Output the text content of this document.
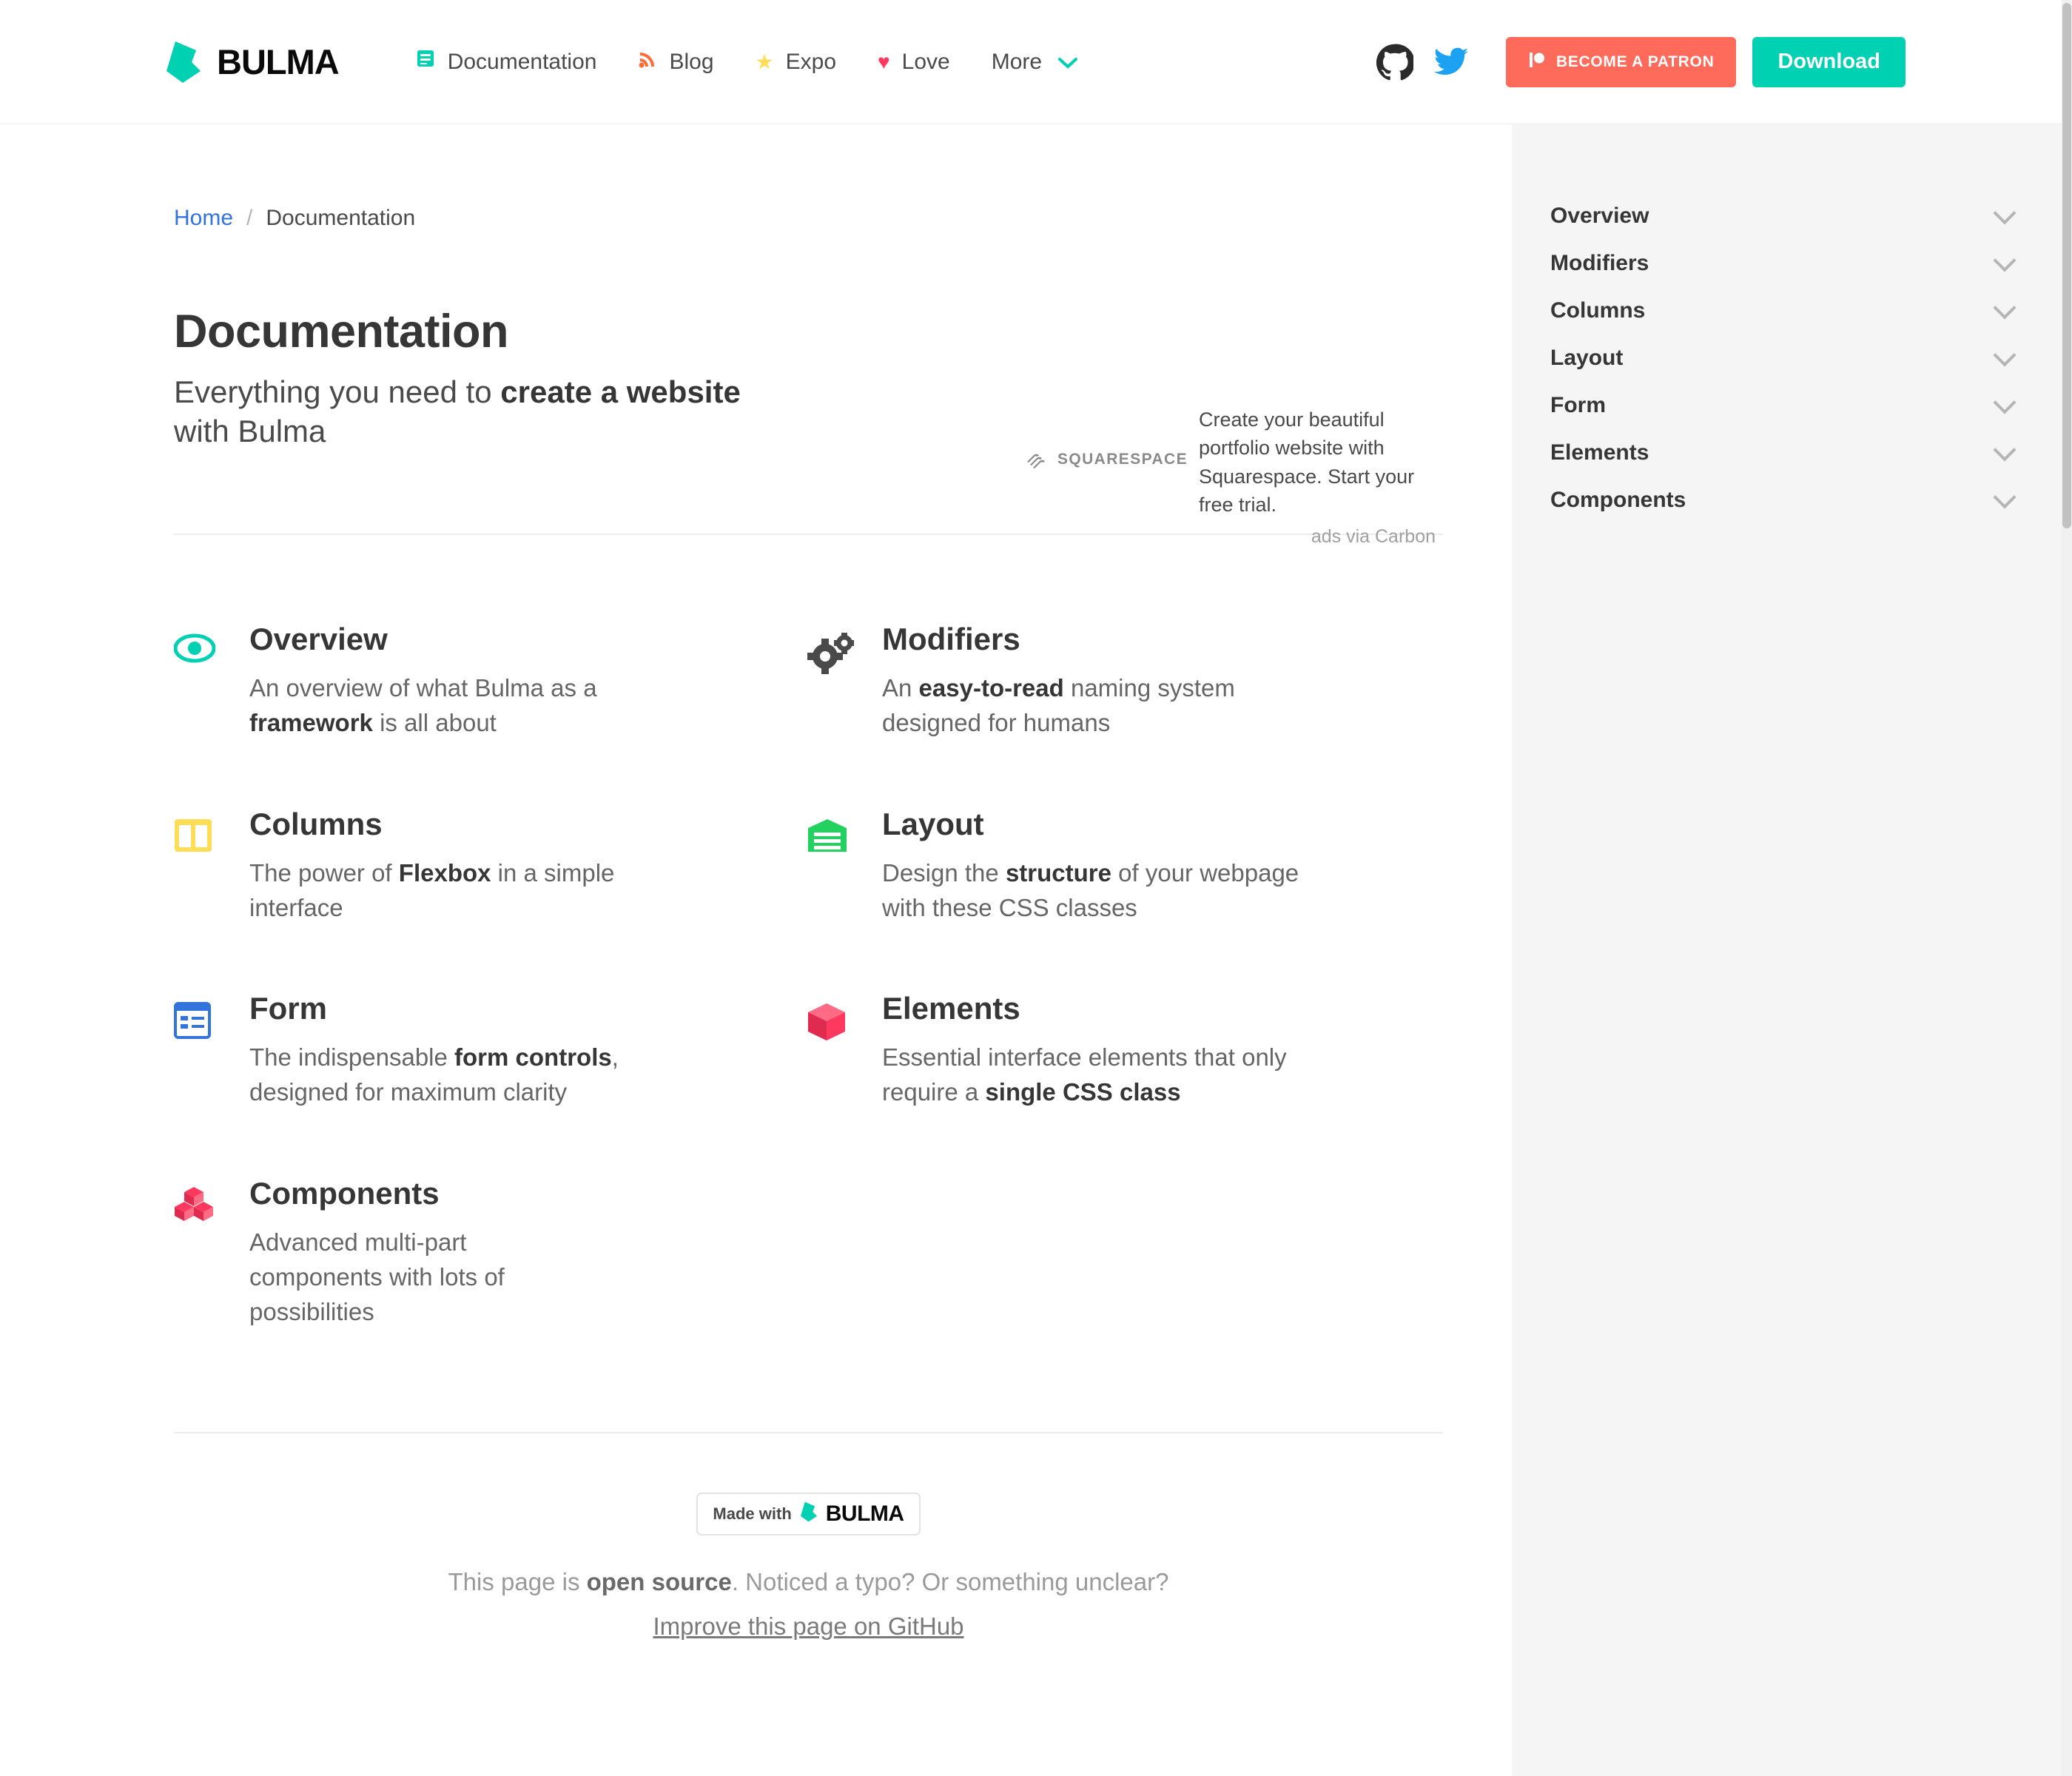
BULMA	Documentation	Blog ★ Expo ♥ Love More	BECOME A PATRON	Download
Overview
Modifiers
Columns
Layout
Form
Elements
Components
Home / Documentation
Documentation
Everything you need to create a website with Bulma
SQUARESPACE
Create your beautiful portfolio website with Squarespace. Start your free trial.
ads via Carbon
Overview
An overview of what Bulma as a framework is all about
Modifiers
An easy-to-read naming system designed for humans
Columns
The power of Flexbox in a simple interface
Layout
Design the structure of your webpage with these CSS classes
Form
The indispensable form controls, designed for maximum clarity
Elements
Essential interface elements that only require a single CSS class
Components
Advanced multi-part components with lots of possibilities
Made with BULMA
This page is open source. Noticed a typo? Or something unclear?
Improve this page on GitHub
